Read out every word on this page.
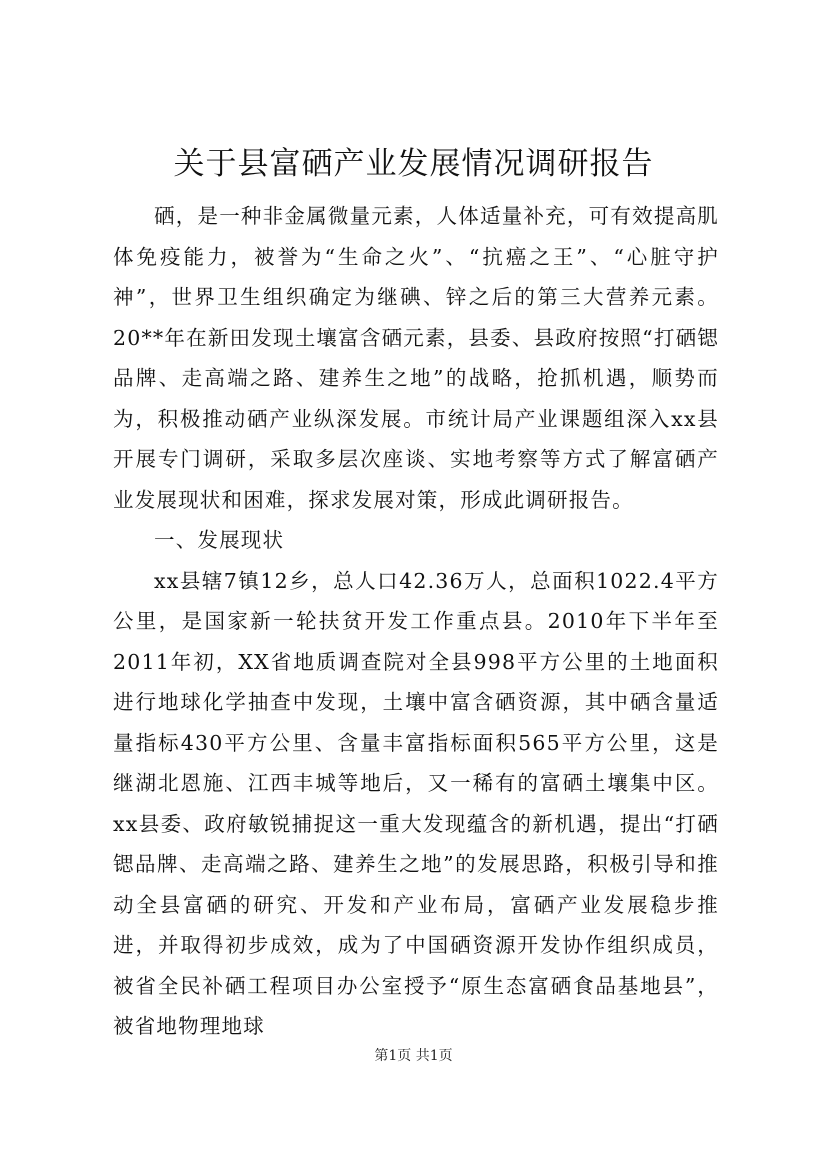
关于县富硒产业发展情况调研报告

硒，是一种非金属微量元素，人体适量补充，可有效提高肌体免疫能力，被誉为“生命之火”、“抗癌之王”、“心脏守护神”，世界卫生组织确定为继碘、锌之后的第三大营养元素。20**年在新田发现土壤富含硒元素，县委、县政府按照“打硒锶品牌、走高端之路、建养生之地”的战略，抢抓机遇，顺势而为，积极推动硒产业纵深发展。市统计局产业课题组深入xx县开展专门调研，采取多层次座谈、实地考察等方式了解富硒产业发展现状和困难，探求发展对策，形成此调研报告。

一、发展现状

xx县辖7镇12乡，总人口42.36万人，总面积1022.4平方公里，是国家新一轮扶贫开发工作重点县。2010年下半年至2011年初，XX省地质调查院对全县998平方公里的土地面积进行地球化学抽查中发现，土壤中富含硒资源，其中硒含量适量指标430平方公里、含量丰富指标面积565平方公里，这是继湖北恩施、江西丰城等地后，又一稀有的富硒土壤集中区。xx县委、政府敏锐捕捉这一重大发现蕴含的新机遇，提出“打硒锶品牌、走高端之路、建养生之地”的发展思路，积极引导和推动全县富硒的研究、开发和产业布局，富硒产业发展稳步推进，并取得初步成效，成为了中国硒资源开发协作组织成员，被省全民补硒工程项目办公室授予“原生态富硒食品基地县”，被省地物理地球

第1页 共1页
